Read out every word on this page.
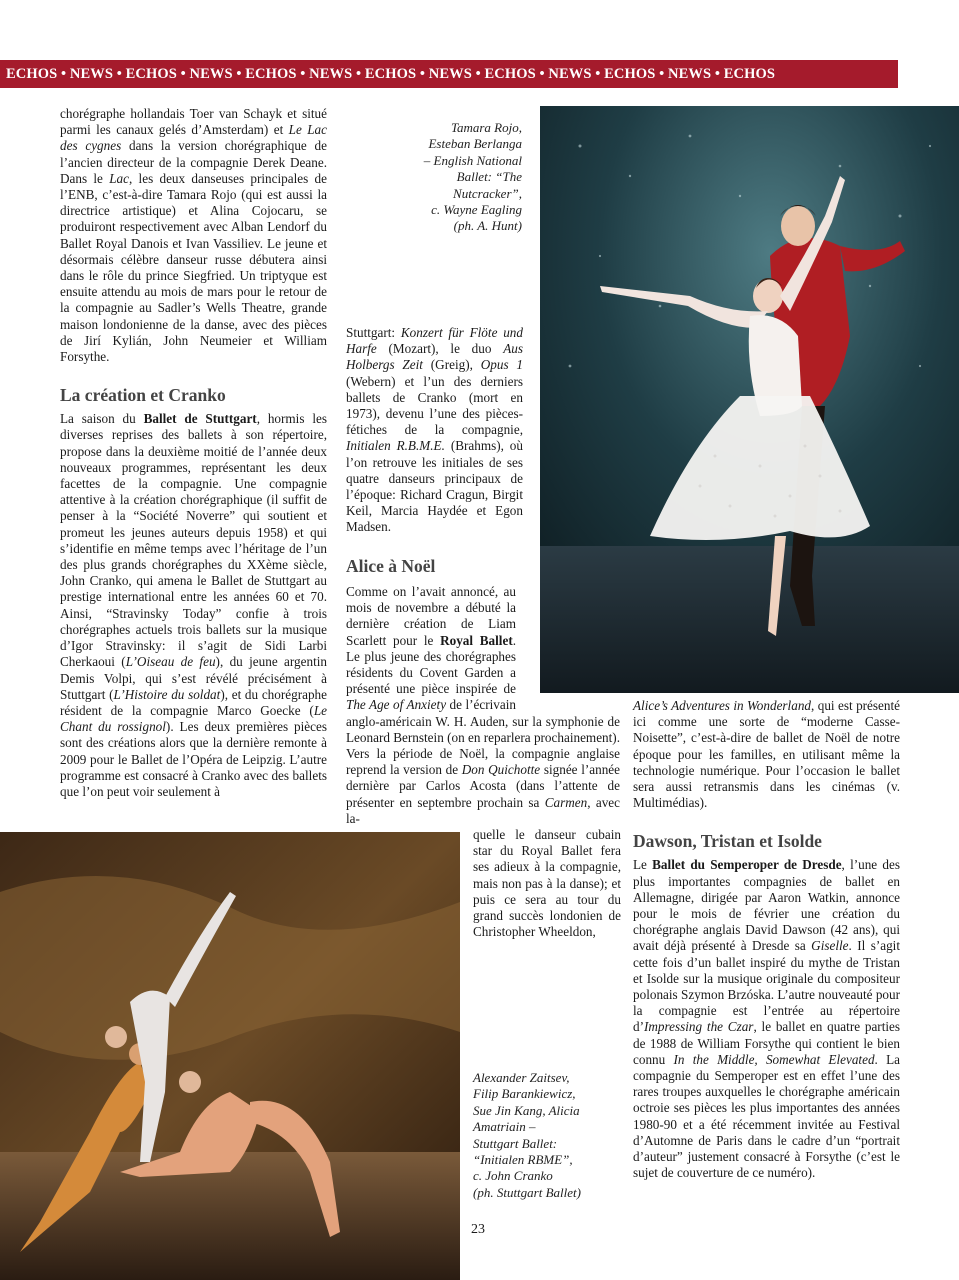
ECHOS • NEWS • ECHOS • NEWS • ECHOS • NEWS • ECHOS • NEWS • ECHOS • NEWS • ECHOS • NEWS • ECHOS

chorégraphe hollandais Toer van Schayk et situé parmi les canaux gelés d’Amsterdam) et Le Lac des cygnes dans la version chorégraphique de l’ancien directeur de la compagnie Derek Deane. Dans le Lac, les deux danseuses principales de l’ENB, c’est-à-dire Tamara Rojo (qui est aussi la directrice artistique) et Alina Cojocaru, se produiront respectivement avec Alban Lendorf du Ballet Royal Danois et Ivan Vassiliev. Le jeune et désormais célèbre danseur russe débutera ainsi dans le rôle du prince Siegfried. Un triptyque est ensuite attendu au mois de mars pour le retour de la compagnie au Sadler’s Wells Theatre, grande maison londonienne de la danse, avec des pièces de Jirí Kylián, John Neumeier et William Forsythe.

La création et Cranko

La saison du Ballet de Stuttgart, hormis les diverses reprises des ballets à son répertoire, propose dans la deuxième moitié de l’année deux nouveaux programmes, représentant les deux facettes de la compagnie. Une compagnie attentive à la création chorégraphique (il suffit de penser à la “Société Noverre” qui soutient et promeut les jeunes auteurs depuis 1958) et qui s’identifie en même temps avec l’héritage de l’un des plus grands chorégraphes du XXème siècle, John Cranko, qui amena le Ballet de Stuttgart au prestige international entre les années 60 et 70. Ainsi, “Stravinsky Today” confie à trois chorégraphes actuels trois ballets sur la musique d’Igor Stravinsky: il s’agit de Sidi Larbi Cherkaoui (L’Oiseau de feu), du jeune argentin Demis Volpi, qui s’est révélé précisément à Stuttgart (L’Histoire du soldat), et du chorégraphe résident de la compagnie Marco Goecke (Le Chant du rossignol). Les deux premières pièces sont des créations alors que la dernière remonte à 2009 pour le Ballet de l’Opéra de Leipzig. L’autre programme est consacré à Cranko avec des ballets que l’on peut voir seulement à

Tamara Rojo,
Esteban Berlanga
– English National
Ballet: “The
Nutcracker”,
c. Wayne Eagling
(ph. A. Hunt)

Stuttgart: Konzert für Flöte und Harfe (Mozart), le duo Aus Holbergs Zeit (Greig), Opus 1 (Webern) et l’un des derniers ballets de Cranko (mort en 1973), devenu l’une des pièces-fétiches de la compagnie, Initialen R.B.M.E. (Brahms), où l’on retrouve les initiales de ses quatre danseurs principaux de l’époque: Richard Cragun, Birgit Keil, Marcia Haydée et Egon Madsen.

Alice à Noël

Comme on l’avait annoncé, au mois de novembre a débuté la dernière création de Liam Scarlett pour le Royal Ballet. Le plus jeune des chorégraphes résidents du Covent Garden a présenté une pièce inspirée de The Age of Anxiety de l’écrivain anglo-américain W. H. Auden, sur la symphonie de Leonard Bernstein (on en reparlera prochainement). Vers la période de Noël, la compagnie anglaise reprend la version de Don Quichotte signée l’année dernière par Carlos Acosta (dans l’attente de présenter en septembre prochain sa Carmen, avec la-

quelle le danseur cubain star du Royal Ballet fera ses adieux à la compagnie, mais non pas à la danse); et puis ce sera au tour du grand succès londonien de Christopher Wheeldon,

Alice’s Adventures in Wonderland, qui est présenté ici comme une sorte de “moderne Casse-Noisette”, c’est-à-dire de ballet de Noël de notre époque pour les familles, en utilisant même la technologie numérique. Pour l’occasion le ballet sera aussi retransmis dans les cinémas (v. Multimédias).

Dawson, Tristan et Isolde

Le Ballet du Semperoper de Dresde, l’une des plus importantes compagnies de ballet en Allemagne, dirigée par Aaron Watkin, annonce pour le mois de février une création du chorégraphe anglais David Dawson (42 ans), qui avait déjà présenté à Dresde sa Giselle. Il s’agit cette fois d’un ballet inspiré du mythe de Tristan et Isolde sur la musique originale du compositeur polonais Szymon Brzóska. L’autre nouveauté pour la compagnie est l’entrée au répertoire d’Impressing the Czar, le ballet en quatre parties de 1988 de William Forsythe qui contient le bien connu In the Middle, Somewhat Elevated. La compagnie du Semperoper est en effet l’une des rares troupes auxquelles le chorégraphe américain octroie ses pièces les plus importantes des années 1980-90 et a été récemment invitée au Festival d’Automne de Paris dans le cadre d’un “portrait d’auteur” justement consacré à Forsythe (c’est le sujet de couverture de ce numéro).

Alexander Zaitsev,
Filip Barankiewicz,
Sue Jin Kang, Alicia
Amatriain –
Stuttgart Ballet:
“Initialen RBME”,
c. John Cranko
(ph. Stuttgart Ballet)
23
